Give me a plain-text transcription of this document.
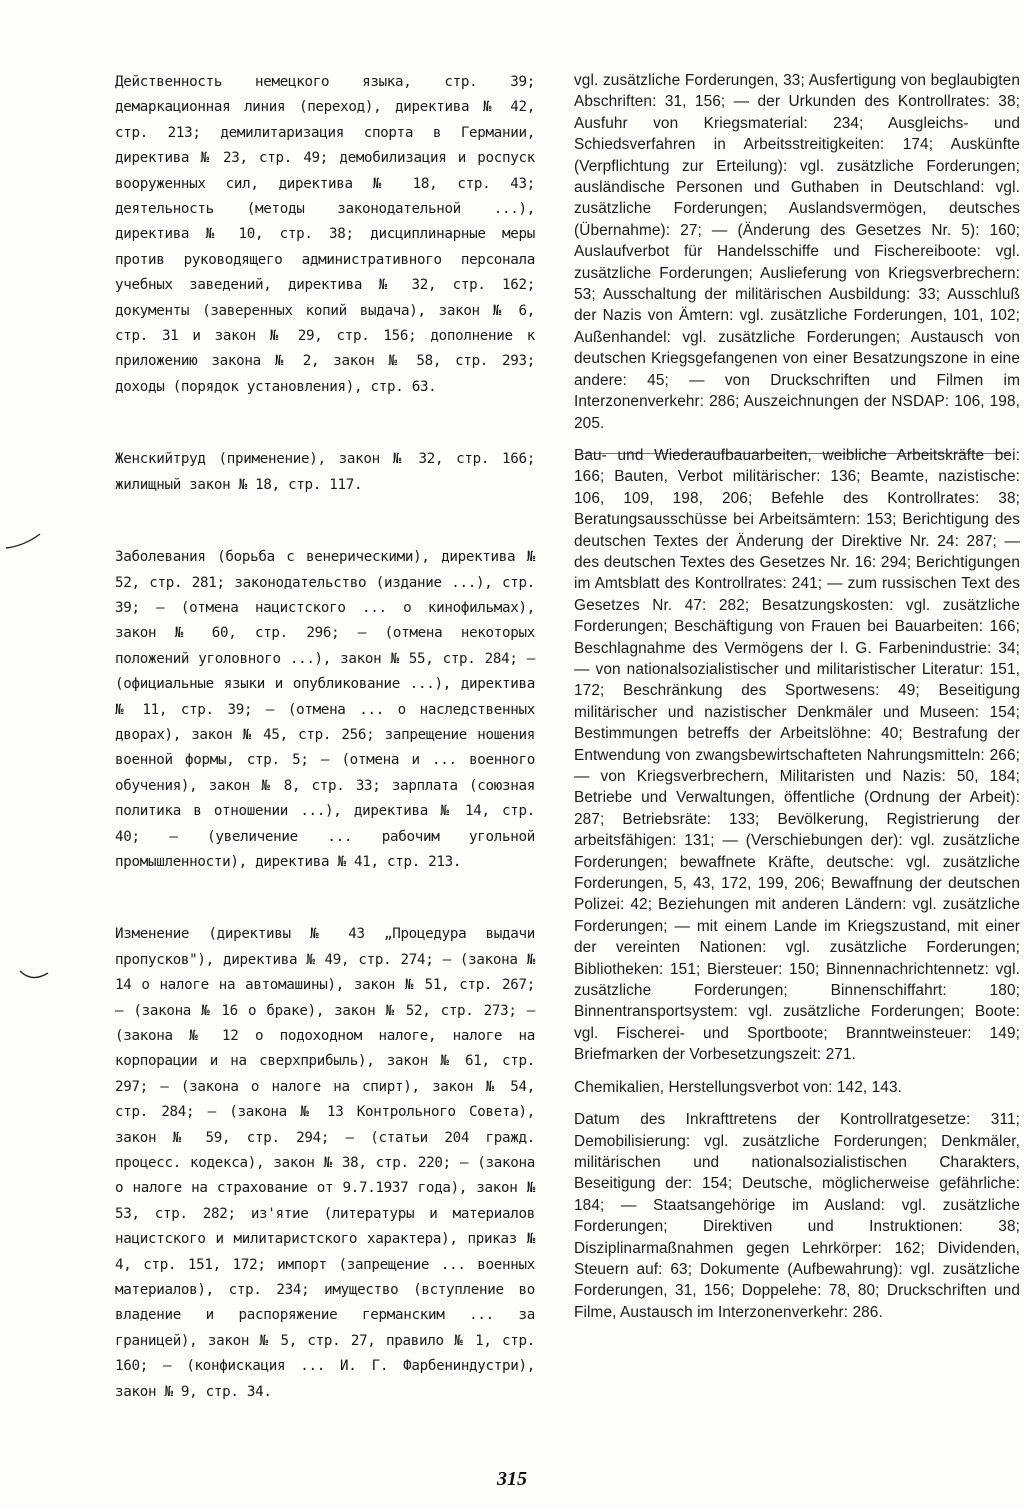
Действенность немецкого языка, стр. 39; демаркационная линия (переход), директива № 42, стр. 213; демилитаризация спорта в Германии, директива № 23, стр. 49; демобилизация и роспуск вооруженных сил, директива № 18, стр. 43; деятельность (методы законодательной ...), директива № 10, стр. 38; дисциплинарные меры против руководящего административного персонала учебных заведений, директива № 32, стр. 162; документы (заверенных копий выдача), закон № 6, стр. 31 и закон № 29, стр. 156; дополнение к приложению закона № 2, закон № 58, стр. 293; доходы (порядок установления), стр. 63.

Женскийтруд (применение), закон № 32, стр. 166; жилищный закон № 18, стр. 117.

Заболевания (борьба с венерическими), директива № 52, стр. 281; законодательство (издание ...), стр. 39; — (отмена нацистского ... о кинофильмах), закон № 60, стр. 296; — (отмена некоторых положений уголовного ...), закон № 55, стр. 284; — (официальные языки и опубликование ...), директива № 11, стр. 39; — (отмена ... о наследственных дворах), закон № 45, стр. 256; запрещение ношения военной формы, стр. 5; — (отмена и ... военного обучения), закон № 8, стр. 33; зарплата (союзная политика в отношении ...), директива № 14, стр. 40; — (увеличение ... рабочим угольной промышленности), директива № 41, стр. 213.

Изменение (директивы № 43 „Процедура выдачи пропусков"), директива № 49, стр. 274; — (закона № 14 о налоге на автомашины), закон № 51, стр. 267; — (закона № 16 о браке), закон № 52, стр. 273; — (закона № 12 о подоходном налоге, налоге на корпорации и на сверхприбыль), закон № 61, стр. 297; — (закона о налоге на спирт), закон № 54, стр. 284; — (закона № 13 Контрольного Совета), закон № 59, стр. 294; — (статьи 204 гражд. процесс. кодекса), закон № 38, стр. 220; — (закона о налоге на страхование от 9.7.1937 года), закон № 53, стр. 282; из'ятие (литературы и материалов нацистского и милитаристского характера), приказ № 4, стр. 151, 172; импорт (запрещение ... военных материалов), стр. 234; имущество (вступление во владение и распоряжение германским ... за границей), закон № 5, стр. 27, правило № 1, стр. 160; — (конфискация ... И. Г. Фарбениндустри), закон № 9, стр. 34.

vgl. zusätzliche Forderungen, 33; Ausfertigung von beglaubigten Abschriften: 31, 156; — der Urkunden des Kontrollrates: 38; Ausfuhr von Kriegsmaterial: 234; Ausgleichs- und Schiedsverfahren in Arbeitsstreitigkeiten: 174; Auskünfte (Verpflichtung zur Erteilung): vgl. zusätzliche Forderungen; ausländische Personen und Guthaben in Deutschland: vgl. zusätzliche Forderungen; Auslandsvermögen, deutsches (Übernahme): 27; — (Änderung des Gesetzes Nr. 5): 160; Auslaufverbot für Handelsschiffe und Fischereiboote: vgl. zusätzliche Forderungen; Auslieferung von Kriegsverbrechern: 53; Ausschaltung der militärischen Ausbildung: 33; Ausschluß der Nazis von Ämtern: vgl. zusätzliche Forderungen, 101, 102; Außenhandel: vgl. zusätzliche Forderungen; Austausch von deutschen Kriegsgefangenen von einer Besatzungszone in eine andere: 45; — von Druckschriften und Filmen im Interzonenverkehr: 286; Auszeichnungen der NSDAP: 106, 198, 205.

Bau- und Wiederaufbauarbeiten, weibliche Arbeitskräfte bei: 166; Bauten, Verbot militärischer: 136; Beamte, nazistische: 106, 109, 198, 206; Befehle des Kontrollrates: 38; Beratungsausschüsse bei Arbeitsämtern: 153; Berichtigung des deutschen Textes der Änderung der Direktive Nr. 24: 287; — des deutschen Textes des Gesetzes Nr. 16: 294; Berichtigungen im Amtsblatt des Kontrollrates: 241; — zum russischen Text des Gesetzes Nr. 47: 282; Besatzungskosten: vgl. zusätzliche Forderungen; Beschäftigung von Frauen bei Bauarbeiten: 166; Beschlagnahme des Vermögens der I. G. Farbenindustrie: 34; — von nationalsozialistischer und militaristischer Literatur: 151, 172; Beschränkung des Sportwesens: 49; Beseitigung militärischer und nazistischer Denkmäler und Museen: 154; Bestimmungen betreffs der Arbeitslöhne: 40; Bestrafung der Entwendung von zwangsbewirtschafteten Nahrungsmitteln: 266; — von Kriegsverbrechern, Militaristen und Nazis: 50, 184; Betriebe und Verwaltungen, öffentliche (Ordnung der Arbeit): 287; Betriebsräte: 133; Bevölkerung, Registrierung der arbeitsfähigen: 131; — (Verschiebungen der): vgl. zusätzliche Forderungen; bewaffnete Kräfte, deutsche: vgl. zusätzliche Forderungen, 5, 43, 172, 199, 206; Bewaffnung der deutschen Polizei: 42; Beziehungen mit anderen Ländern: vgl. zusätzliche Forderungen; — mit einem Lande im Kriegszustand, mit einer der vereinten Nationen: vgl. zusätzliche Forderungen; Bibliotheken: 151; Biersteuer: 150; Binnennachrichtennetz: vgl. zusätzliche Forderungen; Binnenschiffahrt: 180; Binnentransportsystem: vgl. zusätzliche Forderungen; Boote: vgl. Fischerei- und Sportboote; Branntweinsteuer: 149; Briefmarken der Vorbesetzungszeit: 271.

Chemikalien, Herstellungsverbot von: 142, 143.

Datum des Inkrafttretens der Kontrollratgesetze: 311; Demobilisierung: vgl. zusätzliche Forderungen; Denkmäler, militärischen und nationalsozialistischen Charakters, Beseitigung der: 154; Deutsche, möglicherweise gefährliche: 184; — Staatsangehörige im Ausland: vgl. zusätzliche Forderungen; Direktiven und Instruktionen: 38; Disziplinarmaßnahmen gegen Lehrkörper: 162; Dividenden, Steuern auf: 63; Dokumente (Aufbewahrung): vgl. zusätzliche Forderungen, 31, 156; Doppelehe: 78, 80; Druckschriften und Filme, Austausch im Interzonenverkehr: 286.

315
